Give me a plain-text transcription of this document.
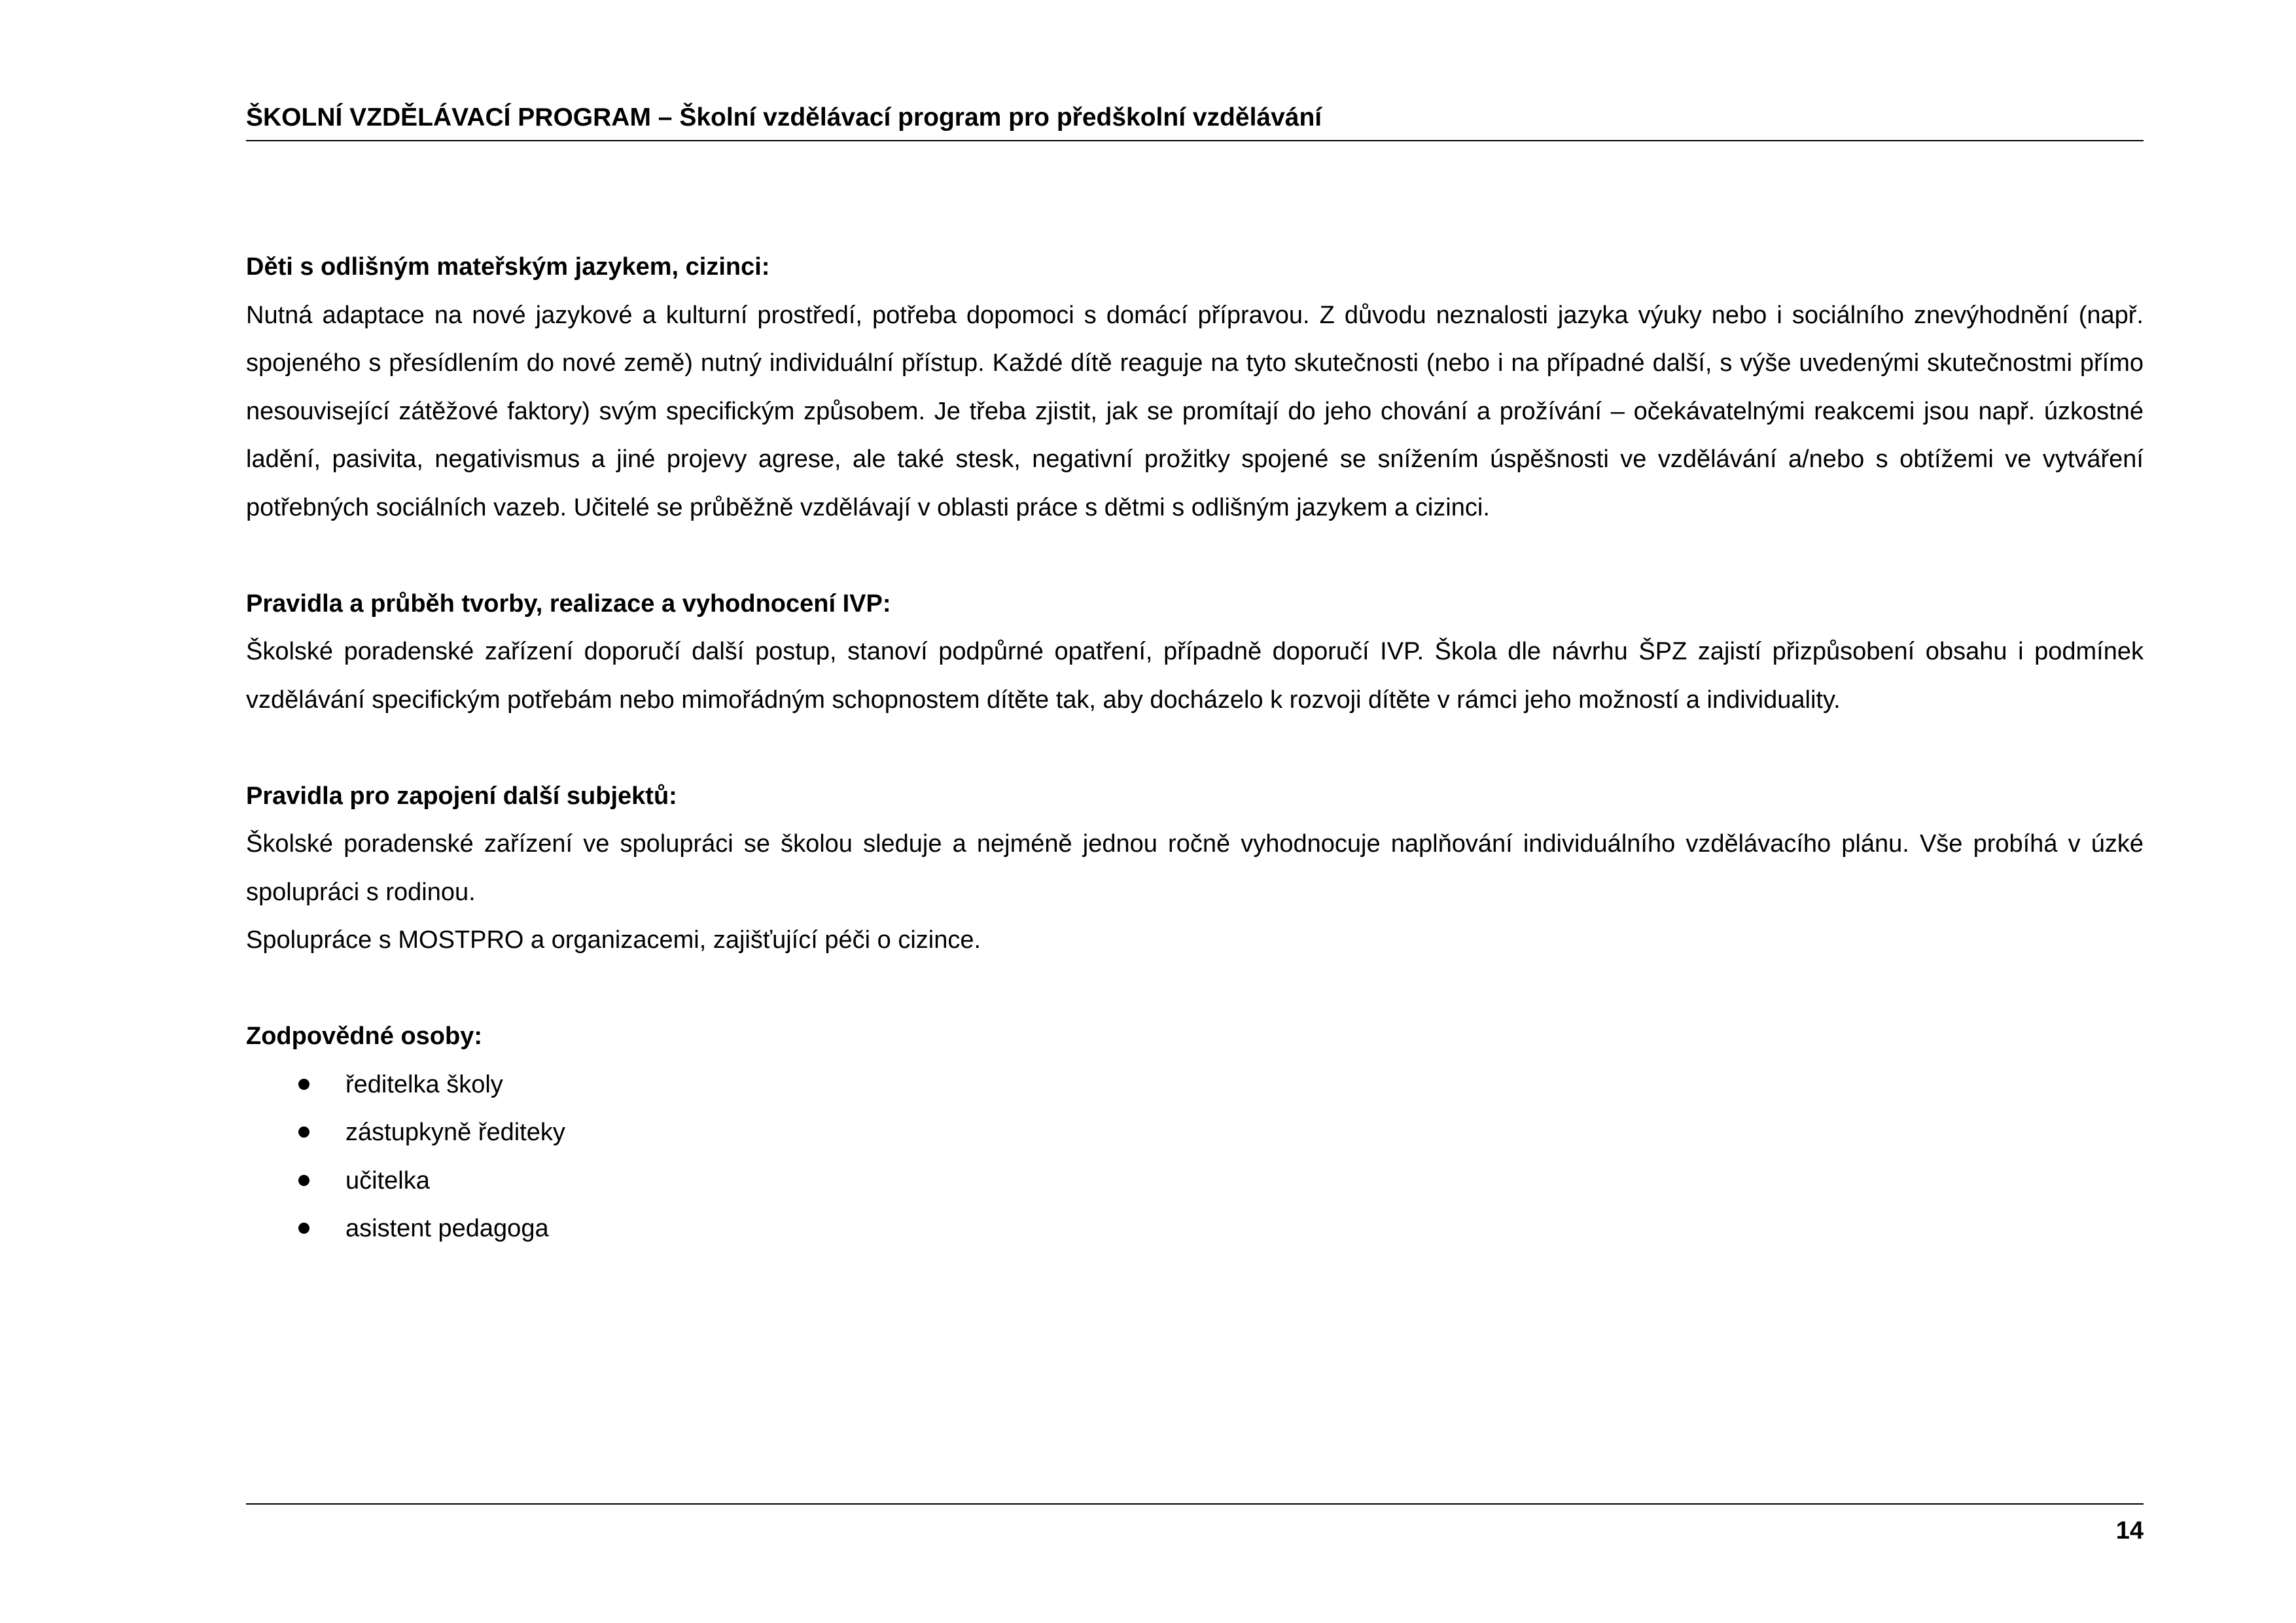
ŠKOLNÍ VZDĚLÁVACÍ PROGRAM – Školní vzdělávací program pro předškolní vzdělávání

Děti s odlišným mateřským jazykem, cizinci:

Nutná adaptace na nové jazykové a kulturní prostředí, potřeba dopomoci s domácí přípravou. Z důvodu neznalosti jazyka výuky nebo i sociálního znevýhodnění (např. spojeného s přesídlením do nové země) nutný individuální přístup. Každé dítě reaguje na tyto skutečnosti (nebo i na případné další, s výše uvedenými skutečnostmi přímo nesouvisející zátěžové faktory) svým specifickým způsobem. Je třeba zjistit, jak se promítají do jeho chování a prožívání – očekávatelnými reakcemi jsou např. úzkostné ladění, pasivita, negativismus a jiné projevy agrese, ale také stesk, negativní prožitky spojené se snížením úspěšnosti ve vzdělávání a/nebo s obtížemi ve vytváření potřebných sociálních vazeb. Učitelé se průběžně vzdělávají v oblasti práce s dětmi s odlišným jazykem a cizinci.

Pravidla a průběh tvorby, realizace a vyhodnocení IVP:

Školské poradenské zařízení doporučí další postup, stanoví podpůrné opatření, případně doporučí IVP. Škola dle návrhu ŠPZ zajistí přizpůsobení obsahu i podmínek vzdělávání specifickým potřebám nebo mimořádným schopnostem dítěte tak, aby docházelo k rozvoji dítěte v rámci jeho možností a individuality.

Pravidla pro zapojení další subjektů:

Školské poradenské zařízení ve spolupráci se školou sleduje a nejméně jednou ročně vyhodnocuje naplňování individuálního vzdělávacího plánu. Vše probíhá v úzké spolupráci s rodinou.

Spolupráce s MOSTPRO a organizacemi, zajišťující péči o cizince.

Zodpovědné osoby:

ředitelka školy
zástupkyně řediteky
učitelka
asistent pedagoga
14
